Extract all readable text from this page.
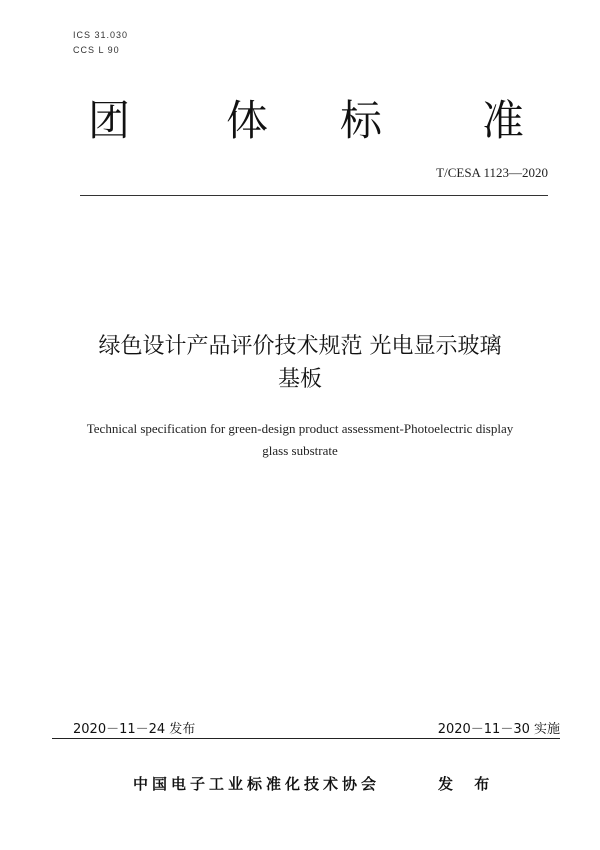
ICS 31.030
CCS L 90
团 体 标 准
T/CESA 1123—2020
绿色设计产品评价技术规范 光电显示玻璃
基板
Technical specification for green-design product assessment-Photoelectric display
glass substrate
2020－11－24 发布	2020－11－30 实施
中国电子工业标准化技术协会	发 布
